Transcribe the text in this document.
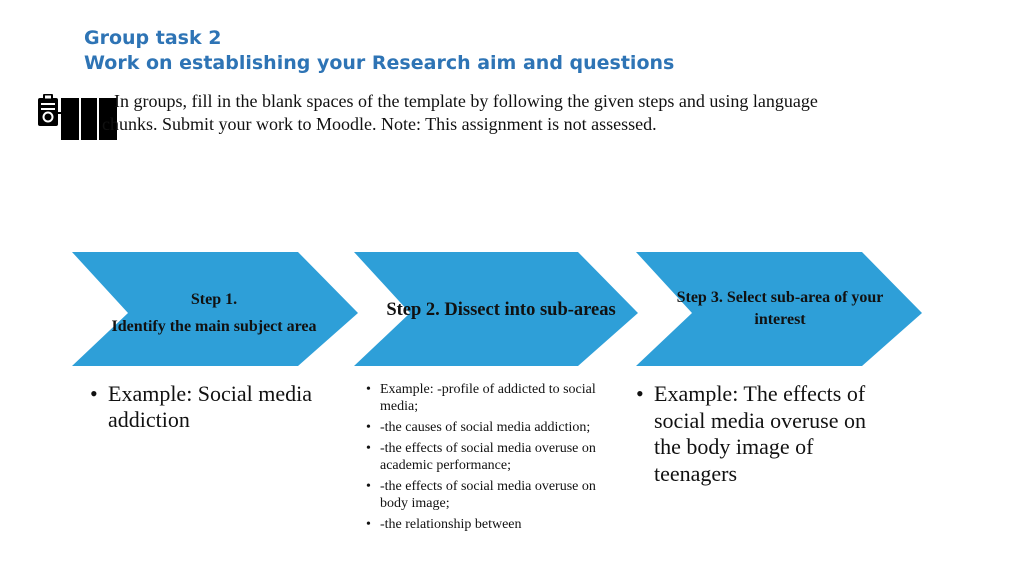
Group task 2
Work on establishing your Research aim and questions
In groups, fill in the blank spaces of the template by following the given steps and using language
chunks. Submit your work to Moodle. Note: This assignment is not assessed.
Step 1.
Identify the main subject area
Step 2. Dissect into sub-areas
Step 3. Select sub-area of your
interest
• Example: Social media addiction
• Example: -profile of addicted to social media;
• -the causes of social media addiction;
• -the effects of social media overuse on academic performance;
• -the effects of social media overuse on body image;
• -the relationship between
• Example: The effects of social media overuse on the body image of teenagers
